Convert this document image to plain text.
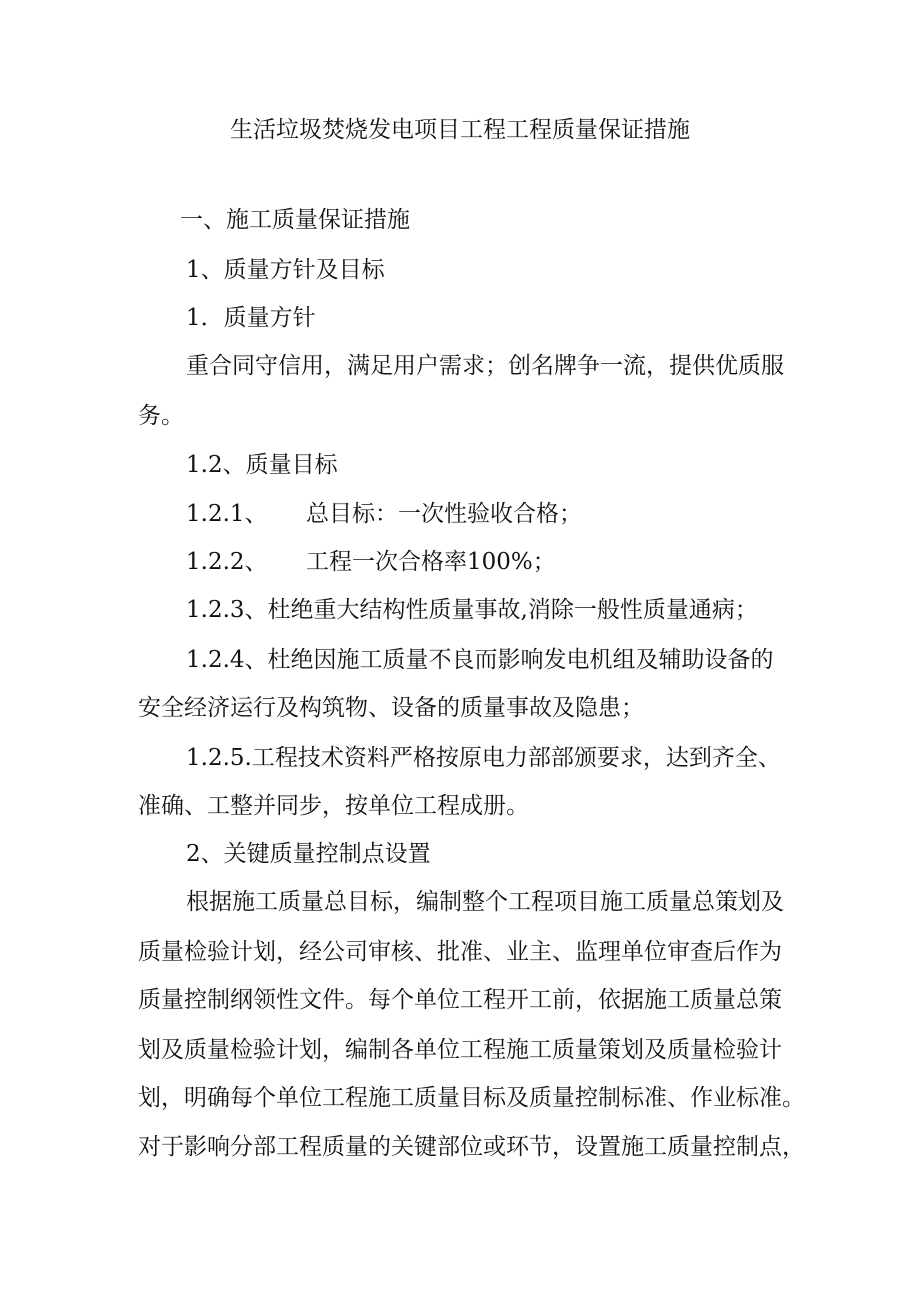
生活垃圾焚烧发电项目工程工程质量保证措施
一、施工质量保证措施
1、质量方针及目标
1．质量方针
重合同守信用，满足用户需求；创名牌争一流，提供优质服
务。
1.2、质量目标
1.2.1、 总目标：一次性验收合格；
1.2.2、 工程一次合格率100%；
1.2.3、杜绝重大结构性质量事故,消除一般性质量通病；
1.2.4、杜绝因施工质量不良而影响发电机组及辅助设备的
安全经济运行及构筑物、设备的质量事故及隐患；
1.2.5.工程技术资料严格按原电力部部颁要求，达到齐全、
准确、工整并同步，按单位工程成册。
2、关键质量控制点设置
根据施工质量总目标，编制整个工程项目施工质量总策划及
质量检验计划，经公司审核、批准、业主、监理单位审查后作为
质量控制纲领性文件。每个单位工程开工前，依据施工质量总策
划及质量检验计划，编制各单位工程施工质量策划及质量检验计
划，明确每个单位工程施工质量目标及质量控制标准、作业标准。
对于影响分部工程质量的关键部位或环节，设置施工质量控制点，
